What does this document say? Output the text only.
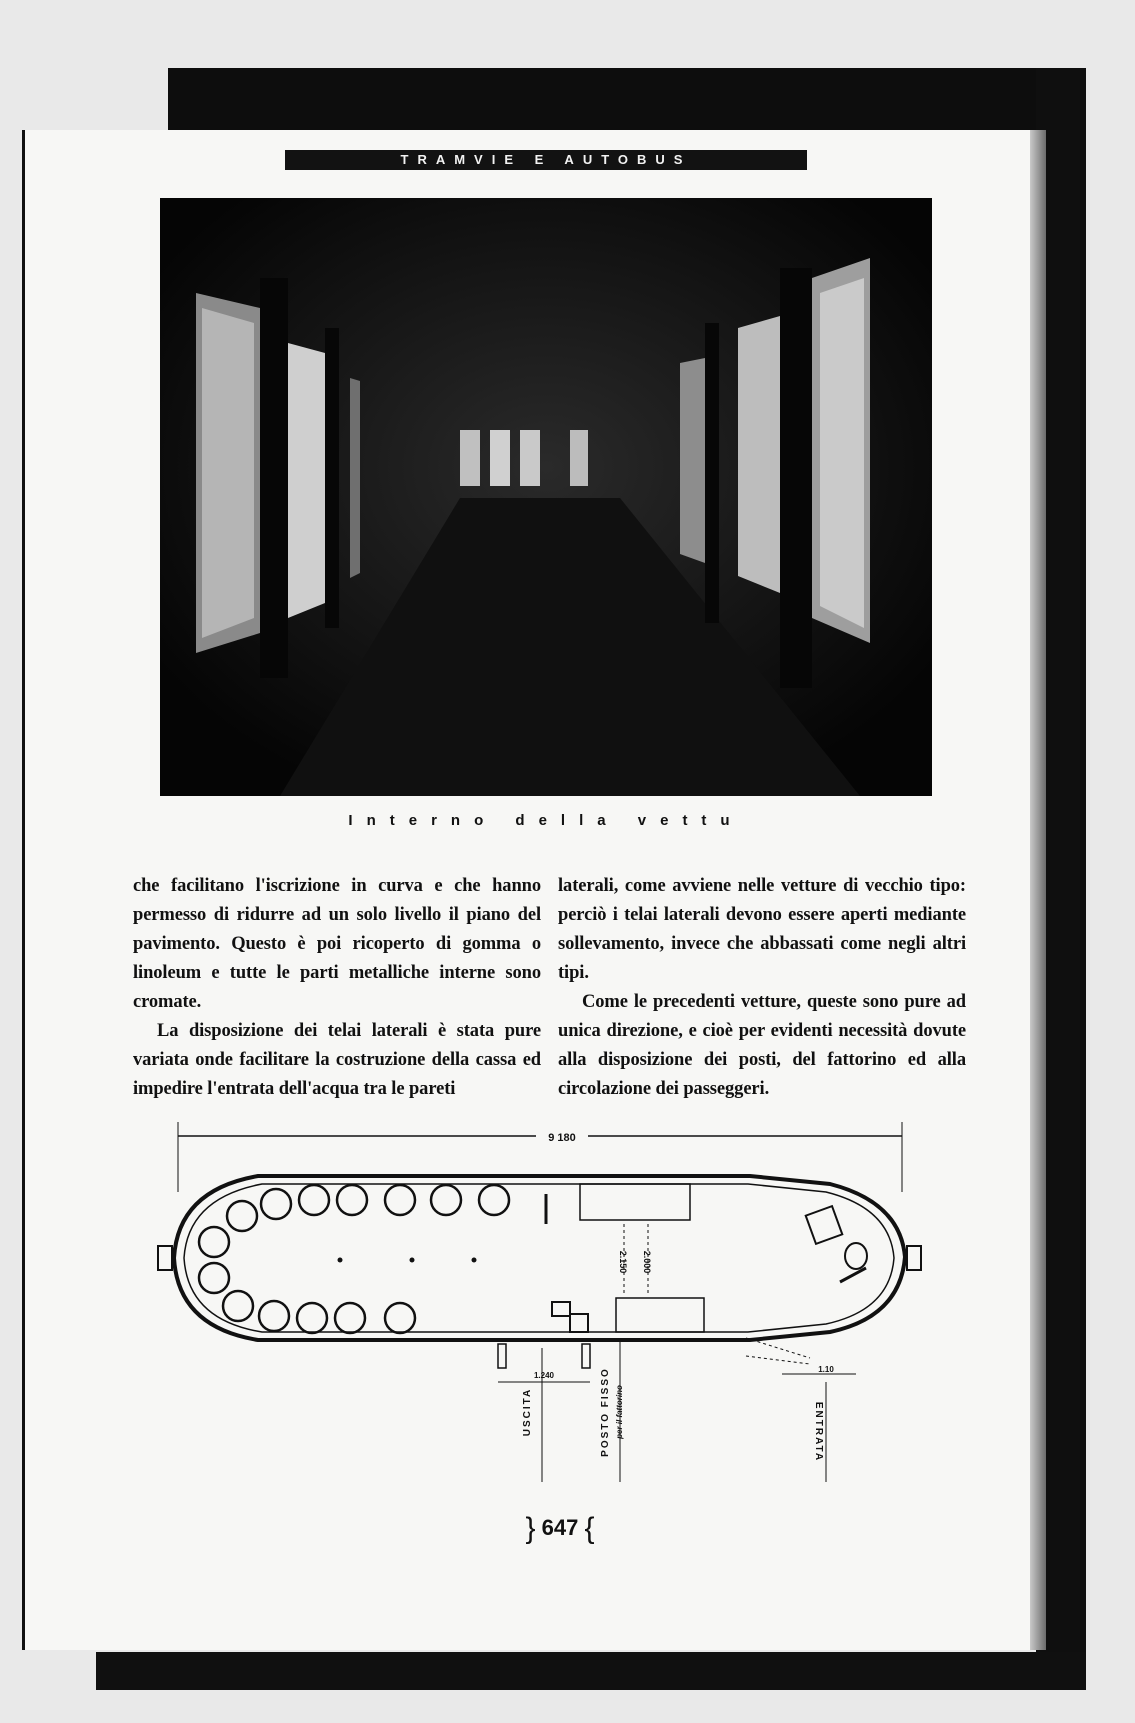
TRAMVIE E AUTOBUS
Interno della vettu

che facilitano l'iscrizione in curva e che hanno permesso di ridurre ad un solo livello il piano del pavimento. Questo è poi ricoperto di gomma o linoleum e tutte le parti metalliche interne sono cromate.

La disposizione dei telai laterali è stata pure variata onde facilitare la costruzione della cassa ed impedire l'entrata dell'acqua tra le pareti

laterali, come avviene nelle vetture di vecchio tipo: perciò i telai laterali devono essere aperti mediante sollevamento, invece che abbassati come negli altri tipi.

Come le precedenti vetture, queste sono pure ad unica direzione, e cioè per evidenti necessità dovute alla disposizione dei posti, del fattorino ed alla circolazione dei passeggeri.

9 180
2.150 2.000
1.240
1.10
USCITA	POSTO FISSO per il fattorino	ENTRATA
} 647 {
